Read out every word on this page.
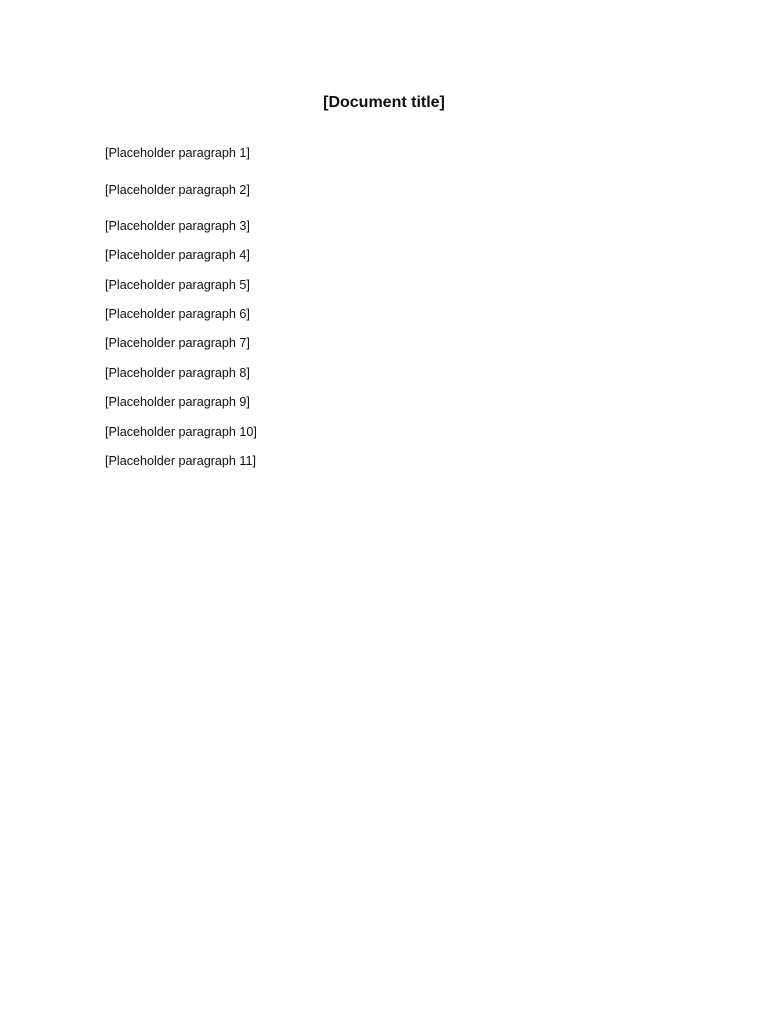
[Document title]

[Placeholder paragraph 1]

[Placeholder paragraph 2]

[Placeholder paragraph 3]

[Placeholder paragraph 4]

[Placeholder paragraph 5]

[Placeholder paragraph 6]

[Placeholder paragraph 7]

[Placeholder paragraph 8]

[Placeholder paragraph 9]

[Placeholder paragraph 10]

[Placeholder paragraph 11]
